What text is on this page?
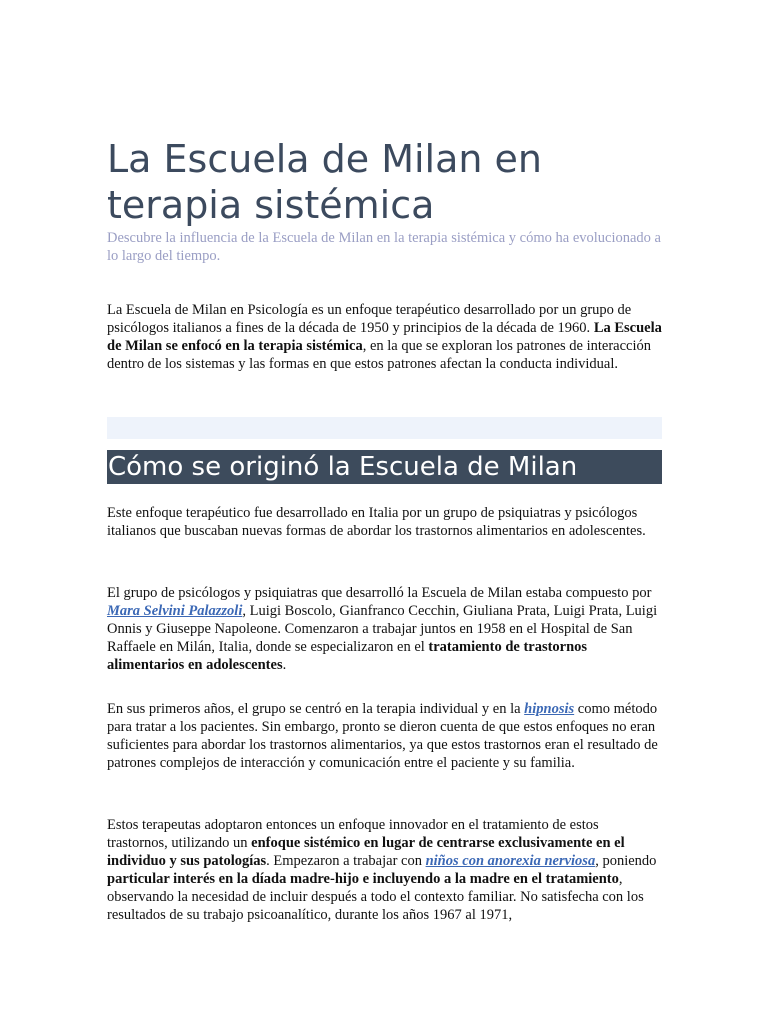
La Escuela de Milan en terapia sistémica

Descubre la influencia de la Escuela de Milan en la terapia sistémica y cómo ha evolucionado a lo largo del tiempo.

La Escuela de Milan en Psicología es un enfoque terapéutico desarrollado por un grupo de psicólogos italianos a fines de la década de 1950 y principios de la década de 1960. La Escuela de Milan se enfocó en la terapia sistémica, en la que se exploran los patrones de interacción dentro de los sistemas y las formas en que estos patrones afectan la conducta individual.

Cómo se originó la Escuela de Milan

Este enfoque terapéutico fue desarrollado en Italia por un grupo de psiquiatras y psicólogos italianos que buscaban nuevas formas de abordar los trastornos alimentarios en adolescentes.

El grupo de psicólogos y psiquiatras que desarrolló la Escuela de Milan estaba compuesto por Mara Selvini Palazzoli, Luigi Boscolo, Gianfranco Cecchin, Giuliana Prata, Luigi Prata, Luigi Onnis y Giuseppe Napoleone. Comenzaron a trabajar juntos en 1958 en el Hospital de San Raffaele en Milán, Italia, donde se especializaron en el tratamiento de trastornos alimentarios en adolescentes.

En sus primeros años, el grupo se centró en la terapia individual y en la hipnosis como método para tratar a los pacientes. Sin embargo, pronto se dieron cuenta de que estos enfoques no eran suficientes para abordar los trastornos alimentarios, ya que estos trastornos eran el resultado de patrones complejos de interacción y comunicación entre el paciente y su familia.

Estos terapeutas adoptaron entonces un enfoque innovador en el tratamiento de estos trastornos, utilizando un enfoque sistémico en lugar de centrarse exclusivamente en el individuo y sus patologías. Empezaron a trabajar con niños con anorexia nerviosa, poniendo particular interés en la díada madre-hijo e incluyendo a la madre en el tratamiento, observando la necesidad de incluir después a todo el contexto familiar. No satisfecha con los resultados de su trabajo psicoanalítico, durante los años 1967 al 1971,
